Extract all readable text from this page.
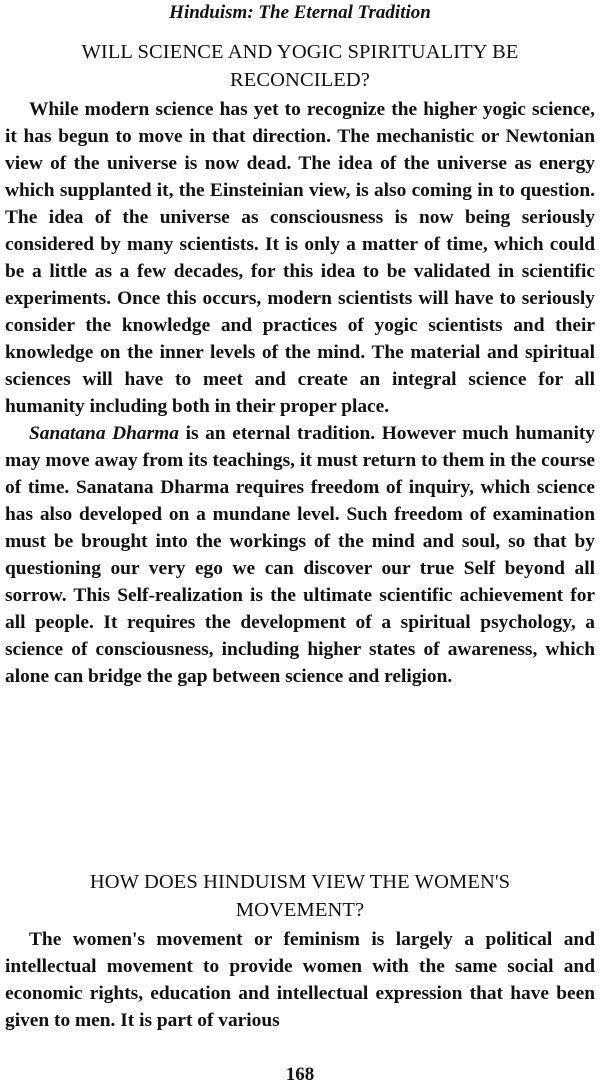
Hinduism: The Eternal Tradition
WILL SCIENCE AND YOGIC SPIRITUALITY BE RECONCILED?

While modern science has yet to recognize the higher yogic science, it has begun to move in that direction. The mechanistic or Newtonian view of the universe is now dead. The idea of the universe as energy which supplanted it, the Einsteinian view, is also coming in to question. The idea of the universe as consciousness is now being seriously considered by many scientists. It is only a matter of time, which could be a little as a few decades, for this idea to be validated in scientific experiments. Once this occurs, modern scientists will have to seriously consider the knowledge and practices of yogic scientists and their knowledge on the inner levels of the mind. The material and spiritual sciences will have to meet and create an integral science for all humanity including both in their proper place.

Sanatana Dharma is an eternal tradition. However much humanity may move away from its teachings, it must return to them in the course of time. Sanatana Dharma requires freedom of inquiry, which science has also developed on a mundane level. Such freedom of examination must be brought into the workings of the mind and soul, so that by questioning our very ego we can discover our true Self beyond all sorrow. This Self-realization is the ultimate scientific achievement for all people. It requires the development of a spiritual psychology, a science of consciousness, including higher states of awareness, which alone can bridge the gap between science and religion.

HOW DOES HINDUISM VIEW THE WOMEN'S MOVEMENT?

The women's movement or feminism is largely a political and intellectual movement to provide women with the same social and economic rights, education and intellectual expression that have been given to men. It is part of various

168
